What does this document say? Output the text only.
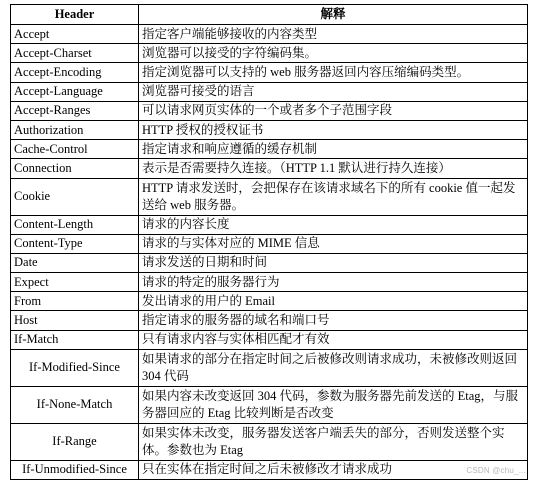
Header	解释
Accept	指定客户端能够接收的内容类型
Accept-Charset	浏览器可以接受的字符编码集。
Accept-Encoding	指定浏览器可以支持的 web 服务器返回内容压缩编码类型。
Accept-Language	浏览器可接受的语言
Accept-Ranges	可以请求网页实体的一个或者多个子范围字段
Authorization	HTTP 授权的授权证书
Cache-Control	指定请求和响应遵循的缓存机制
Connection	表示是否需要持久连接。（HTTP 1.1 默认进行持久连接）
Cookie	HTTP 请求发送时，会把保存在该请求域名下的所有 cookie 值一起发送给 web 服务器。
Content-Length	请求的内容长度
Content-Type	请求的与实体对应的 MIME 信息
Date	请求发送的日期和时间
Expect	请求的特定的服务器行为
From	发出请求的用户的 Email
Host	指定请求的服务器的域名和端口号
If-Match	只有请求内容与实体相匹配才有效
If-Modified-Since	如果请求的部分在指定时间之后被修改则请求成功，未被修改则返回 304 代码
If-None-Match	如果内容未改变返回 304 代码，参数为服务器先前发送的 Etag，与服务器回应的 Etag 比较判断是否改变
If-Range	如果实体未改变，服务器发送客户端丢失的部分，否则发送整个实体。参数也为 Etag
If-Unmodified-Since	只在实体在指定时间之后未被修改才请求成功	CSDN @chu_...
